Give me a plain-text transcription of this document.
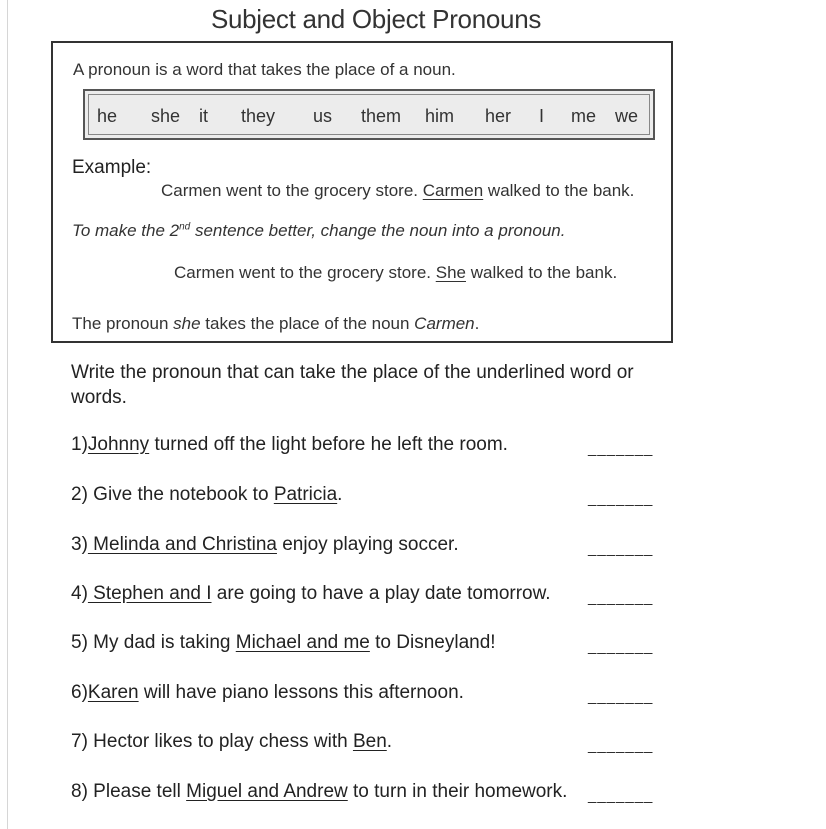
Subject and Object Pronouns
A pronoun is a word that takes the place of a noun.
he she it they us them him her I me we
Example:
Carmen went to the grocery store. Carmen walked to the bank.
To make the 2nd sentence better, change the noun into a pronoun.
Carmen went to the grocery store. She walked to the bank.
The pronoun she takes the place of the noun Carmen.
Write the pronoun that can take the place of the underlined word or words.
1)Johnny turned off the light before he left the room.	_______
2) Give the notebook to Patricia.	_______
3) Melinda and Christina enjoy playing soccer.	_______
4) Stephen and I are going to have a play date tomorrow. _______
5) My dad is taking Michael and me to Disneyland!	_______
6)Karen will have piano lessons this afternoon.	_______
7) Hector likes to play chess with Ben.	_______
8) Please tell Miguel and Andrew to turn in their homework. _______
